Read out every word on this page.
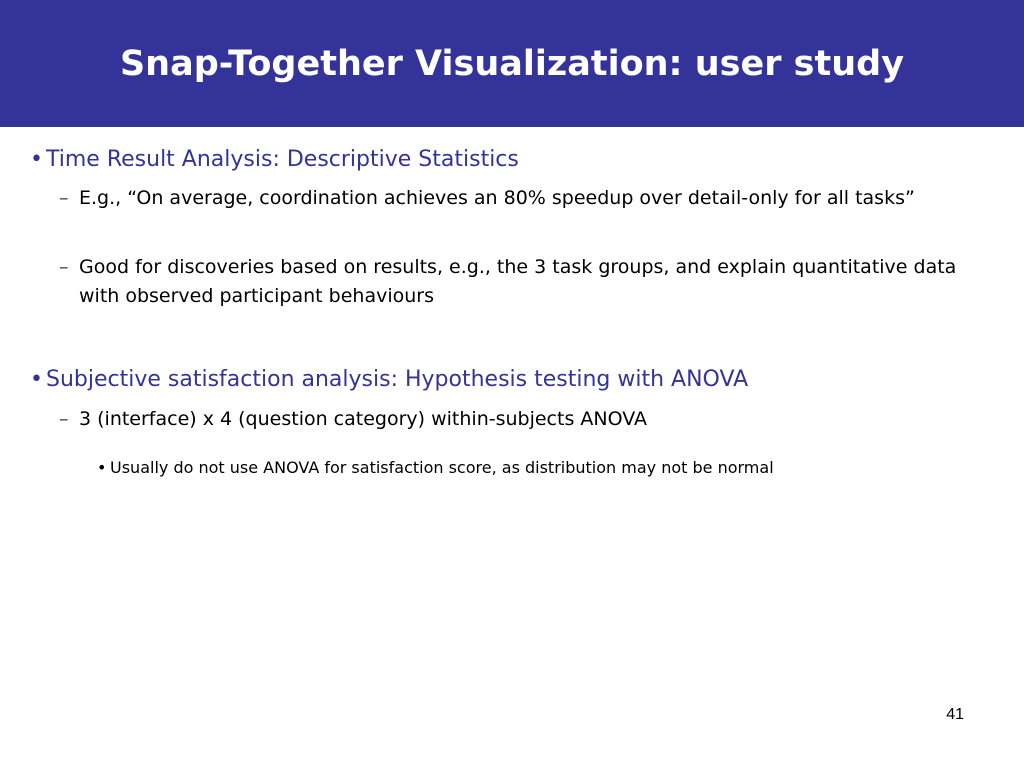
Snap-Together Visualization: user study
• Time Result Analysis: Descriptive Statistics
– E.g., “On average, coordination achieves an 80% speedup over detail-only for all tasks”
– Good for discoveries based on results, e.g., the 3 task groups, and explain quantitative data with observed participant behaviours
• Subjective satisfaction analysis: Hypothesis testing with ANOVA
– 3 (interface) x 4 (question category) within-subjects ANOVA
• Usually do not use ANOVA for satisfaction score, as distribution may not be normal
41
